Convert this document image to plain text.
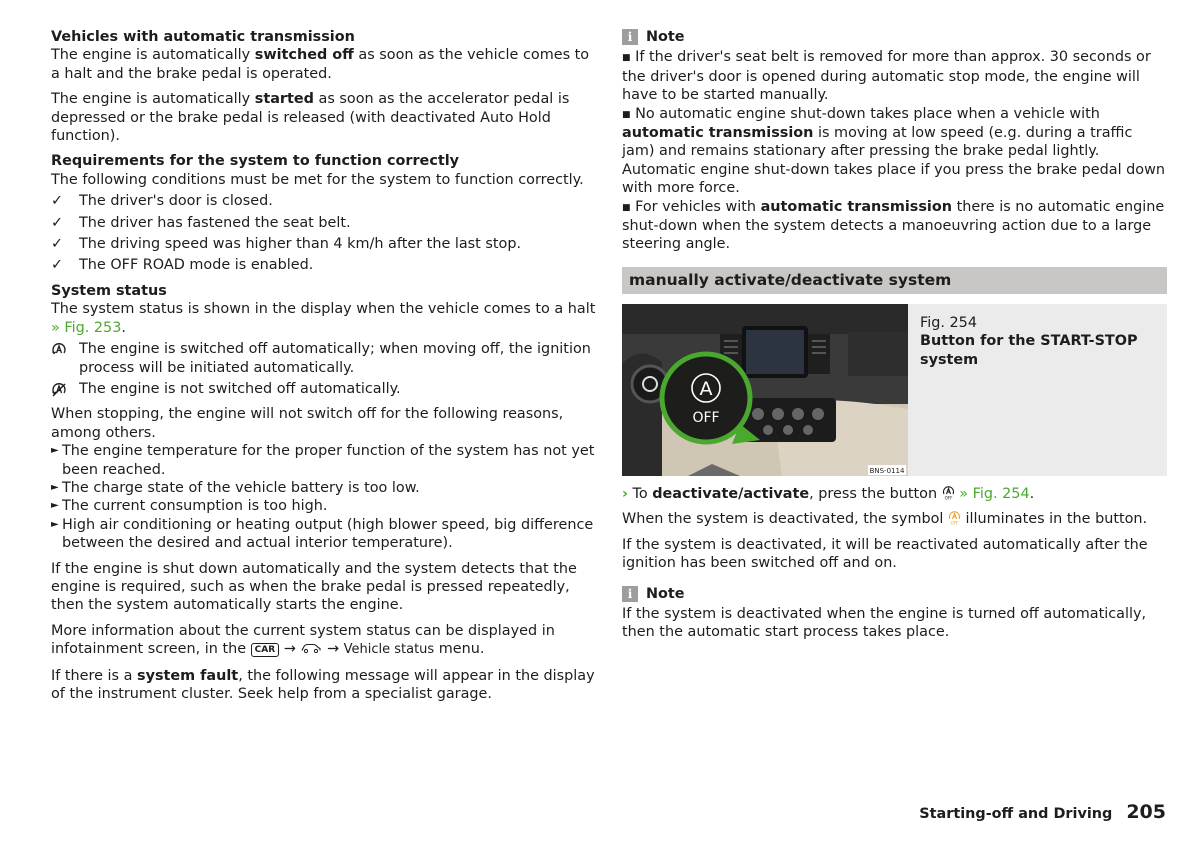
Vehicles with automatic transmission

The engine is automatically switched off as soon as the vehicle comes to a halt and the brake pedal is operated.

The engine is automatically started as soon as the accelerator pedal is depressed or the brake pedal is released (with deactivated Auto Hold function).

Requirements for the system to function correctly

The following conditions must be met for the system to function correctly.

✓	The driver's door is closed.
✓	The driver has fastened the seat belt.
✓	The driving speed was higher than 4 km/h after the last stop.
✓	The OFF ROAD mode is enabled.

System status

The system status is shown in the display when the vehicle comes to a halt
» Fig. 253.

The engine is switched off automatically; when moving off, the ignition process will be initiated automatically.
The engine is not switched off automatically.

When stopping, the engine will not switch off for the following reasons, among others.

► The engine temperature for the proper function of the system has not yet been reached.
► The charge state of the vehicle battery is too low.
► The current consumption is too high.
► High air conditioning or heating output (high blower speed, big difference between the desired and actual interior temperature).

If the engine is shut down automatically and the system detects that the engine is required, such as when the brake pedal is pressed repeatedly, then the system automatically starts the engine.

More information about the current system status can be displayed in infotainment screen, in the CAR →  → Vehicle status menu.

If there is a system fault, the following message will appear in the display of the instrument cluster. Seek help from a specialist garage.

i Note

■ If the driver's seat belt is removed for more than approx. 30 seconds or the driver's door is opened during automatic stop mode, the engine will have to be started manually.

■ No automatic engine shut-down takes place when a vehicle with automatic transmission is moving at low speed (e.g. during a traffic jam) and remains stationary after pressing the brake pedal lightly. Automatic engine shut-down takes place if you press the brake pedal down with more force.

■ For vehicles with automatic transmission there is no automatic engine shut-down when the system detects a manoeuvring action due to a large steering angle.

manually activate/deactivate system
A
OFF
BNS-0114

Fig. 254

Button for the START-STOP system

› To deactivate/activate, press the button OFF » Fig. 254.

When the system is deactivated, the symbol OFF illuminates in the button.

If the system is deactivated, it will be reactivated automatically after the ignition has been switched off and on.

i Note

If the system is deactivated when the engine is turned off automatically, then the automatic start process takes place.

Starting-off and Driving 205
